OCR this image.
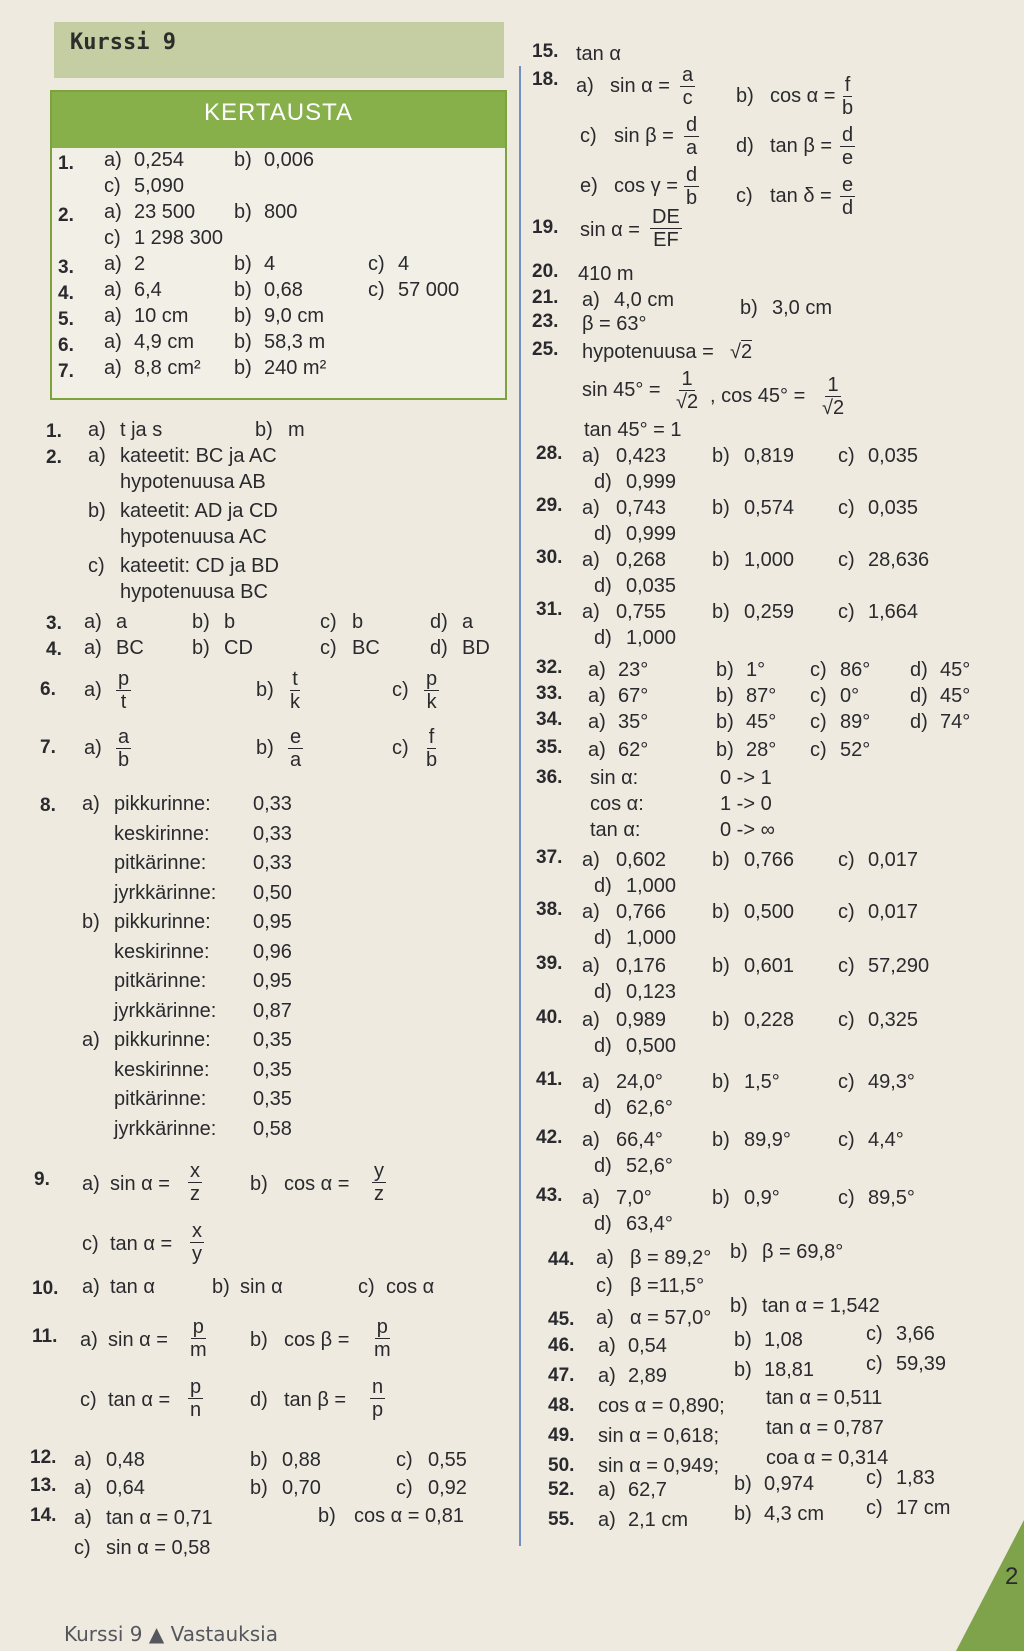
Kurssi 9
KERTAUSTA
2
Kurssi 9 ▲ Vastauksia
1. a) 0,254 b) 0,006
c) 5,090
2. a) 23 500 b) 800
c) 1 298 300
3. a) 2	b) 4	c) 4
4. a) 6,4	b) 0,68	c) 57 000
5. a) 10 cm b) 9,0 cm
6. a) 4,9 cm b) 58,3 m
7. a) 8,8 cm² b) 240 m²
1. a) t ja s	b) m
2. a) kateetit: BC ja AC
hypotenuusa AB
b) kateetit: AD ja CD
hypotenuusa AC
c) kateetit: CD ja BD
hypotenuusa BC
3. a) a	b) b	c) b	d) a
4. a) BC b) CD	c) BC	d) BD
6. $a) \frac{p}{t}$	$b) \frac{t}{k}$	$c) \frac{p}{k}$
7. $a) \frac{a}{b}$	$b) \frac{e}{a}$	$c) \frac{f}{b}$
8. a) pikkurinne: 0,33
keskirinne: 0,33
pitkärinne: 0,33
jyrkkärinne: 0,50
b) pikkurinne: 0,95
keskirinne: 0,96
pitkärinne: 0,95
jyrkkärinne: 0,87
a) pikkurinne: 0,35
keskirinne: 0,35
pitkärinne: 0,35
jyrkkärinne: 0,58
9. a) $\sin \alpha = \frac{x}{z} b$) $\cos \alpha = \frac{y}{z}$
c) $\tan \alpha = \frac{x}{y}$
10. a) tan α	b) sin α	c) cos α
11. a) $\sin \alpha = \frac{p}{m} b$) $\cos \beta = \frac{p}{m}$
c) $\tan \alpha = \frac{p}{n} d$) $\tan \beta = \frac{n}{p}$
12. a) 0,48	b) 0,88	c) 0,55
13. a) 0,64	b) 0,70	c) 0,92
14. a) tan α = 0,71	b) cos α = 0,81
c) sin α = 0,58
15. tan α
18. a) $\sin \alpha = \frac{a}{c} b$) $\cos \alpha = \frac{f}{b}$
c) $\sin \beta = \frac{d}{a} d$) $\tan \beta = \frac{d}{e}$
e) $\cos \gamma = \frac{d}{b} c$) $\tan \delta = \frac{e}{d}$
19. $\sin \alpha = \frac{DE}{EF}$
20. 410 m
21. a) 4,0 cm	b) 3,0 cm
23. β = 63°
25. hypotenuusa = √2
$\sin 45^\circ = \frac{1}{√2}$ , $\cos 45^\circ = \frac{1}{√2}$
tan 45° = 1
28. a) 0,423 b) 0,819 c) 0,035
d) 0,999
29. a) 0,743 b) 0,574 c) 0,035
d) 0,999
30. a) 0,268 b) 1,000 c) 28,636
d) 0,035
31. a) 0,755 b) 0,259 c) 1,664
d) 1,000
37. a) 0,602 b) 0,766 c) 0,017
d) 1,000
38. a) 0,766 b) 0,500 c) 0,017
d) 1,000
39. a) 0,176 b) 0,601 c) 57,290
d) 0,123
40. a) 0,989 b) 0,228 c) 0,325
d) 0,500
41. a) 24,0° b) 1,5°	c) 49,3°
d) 62,6°
42. a) 66,4° b) 89,9° c) 4,4°
d) 52,6°
43. a) 7,0°	b) 0,9°	c) 89,5°
d) 63,4°
32. a) 23°	b) 1° c) 86° d) 45°
33. a) 67°	b) 87° c) 0°	d) 45°
34. a) 35°	b) 45° c) 89° d) 74°
35. a) 62°	b) 28° c) 52°
36. sin α:	0 -> 1
cos α:	1 -> 0
tan α:	0 -> ∞
44. a) β = 89,2° b) β = 69,8°
c) β =11,5°
45. a) α = 57,0°
b) tan α = 1,542
46. a) 0,54	b) 1,08	c) 3,66
47. a) 2,89	b) 18,81	c) 59,39
52. a) 62,7	b) 0,974	c) 1,83
55. a) 2,1 cm b) 4,3 cm c) 17 cm
48. cos α = 0,890; tan α = 0,511
49. sin α = 0,618; tan α = 0,787
50. sin α = 0,949; coa α = 0,314
